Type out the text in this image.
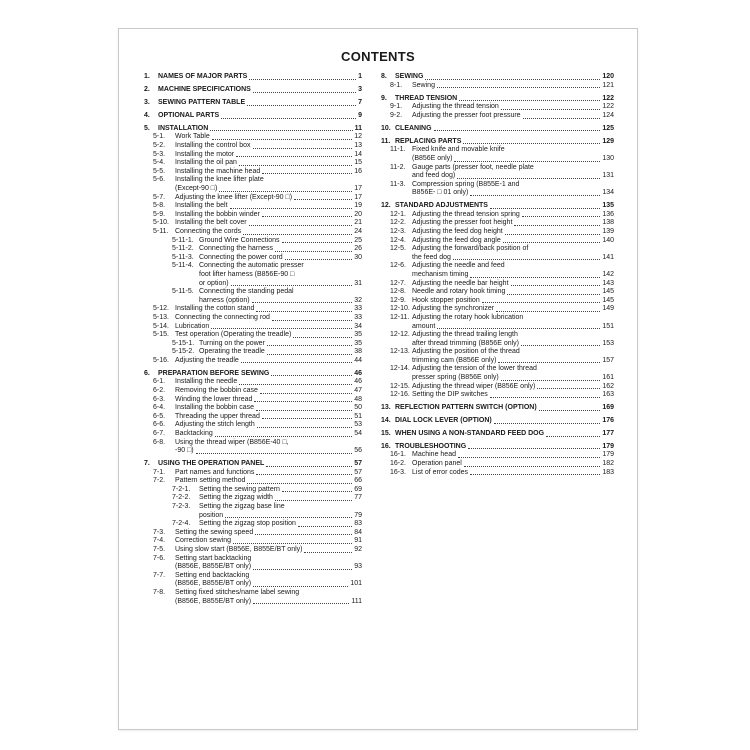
CONTENTS
1.	NAMES OF MAJOR PARTS	1
2.	MACHINE SPECIFICATIONS	3
3.	SEWING PATTERN TABLE	7
4.	OPTIONAL PARTS	9
5.	INSTALLATION	11
5-1.	Work Table	12
5-2.	Installing the control box	13
5-3.	Installing the motor	14
5-4.	Installing the oil pan	15
5-5.	Installing the machine head	16
5-6.	Installing the knee lifter plate
(Except-90 □)	17
5-7.	Adjusting the knee lifter (Except-90 □)	17
5-8.	Installing the belt	19
5-9.	Installing the bobbin winder	20
5-10. Installing the belt cover	21
5-11. Connecting the cords	24
5-11-1. Ground Wire Connections	25
5-11-2. Connecting the harness	26
5-11-3. Connecting the power cord	30
5-11-4. Connecting the automatic presser
foot lifter harness (B856E-90 □
or option)	31
5-11-5. Connecting the standing pedal
harness (option)	32
5-12. Installing the cotton stand	33
5-13. Connecting the connecting rod	33
5-14. Lubrication	34
5-15. Test operation (Operating the treadle)	35
5-15-1. Turning on the power	35
5-15-2. Operating the treadle	38
5-16. Adjusting the treadle	44
6.	PREPARATION BEFORE SEWING	46
6-1.	Installing the needle	46
6-2.	Removing the bobbin case	47
6-3.	Winding the lower thread	48
6-4.	Installing the bobbin case	50
6-5.	Threading the upper thread	51
6-6.	Adjusting the stitch length	53
6-7.	Backtacking	54
6-8.	Using the thread wiper (B856E-40 □,
-90 □)	56
7.	USING THE OPERATION PANEL	57
7-1.	Part names and functions	57
7-2.	Pattern setting method	66
7-2-1.	Setting the sewing pattern	69
7-2-2.	Setting the zigzag width	77
7-2-3.	Setting the zigzag base line
position	79
7-2-4.	Setting the zigzag stop position	83
7-3.	Setting the sewing speed	84
7-4.	Correction sewing	91
7-5.	Using slow start (B856E, B855E/BT only)	92
7-6.	Setting start backtacking
(B856E, B855E/BT only)	93
7-7.	Setting end backtacking
(B856E, B855E/BT only)	101
7-8.	Setting fixed stitches/name label sewing
(B856E, B855E/BT only)	111
8.	SEWING	120
8-1.	Sewing	121
9.	THREAD TENSION	122
9-1.	Adjusting the thread tension	122
9-2.	Adjusting the presser foot pressure	124
10. CLEANING	125
11. REPLACING PARTS	129
11-1. Fixed knife and movable knife
(B856E only)	130
11-2. Gauge parts (presser foot, needle plate
and feed dog)	131
11-3. Compression spring (B855E-1 and
B856E- □ 01 only)	134
12. STANDARD ADJUSTMENTS	135
12-1. Adjusting the thread tension spring	136
12-2. Adjusting the presser foot height	138
12-3. Adjusting the feed dog height	139
12-4. Adjusting the feed dog angle	140
12-5. Adjusting the forward/back position of
the feed dog	141
12-6. Adjusting the needle and feed
mechanism timing	142
12-7. Adjusting the needle bar height	143
12-8. Needle and rotary hook timing	145
12-9. Hook stopper position	145
12-10. Adjusting the synchronizer	149
12-11. Adjusting the rotary hook lubrication
amount	151
12-12. Adjusting the thread trailing length
after thread trimming (B856E only)	153
12-13. Adjusting the position of the thread
trimming cam (B856E only)	157
12-14. Adjusting the tension of the lower thread
presser spring (B856E only)	161
12-15. Adjusting the thread wiper (B856E only)	162
12-16. Setting the DIP switches	163
13. REFLECTION PATTERN SWITCH (OPTION)	169
14. DIAL LOCK LEVER (OPTION)	176
15. WHEN USING A NON-STANDARD FEED DOG	177
16. TROUBLESHOOTING	179
16-1. Machine head	179
16-2. Operation panel	182
16-3. List of error codes	183
